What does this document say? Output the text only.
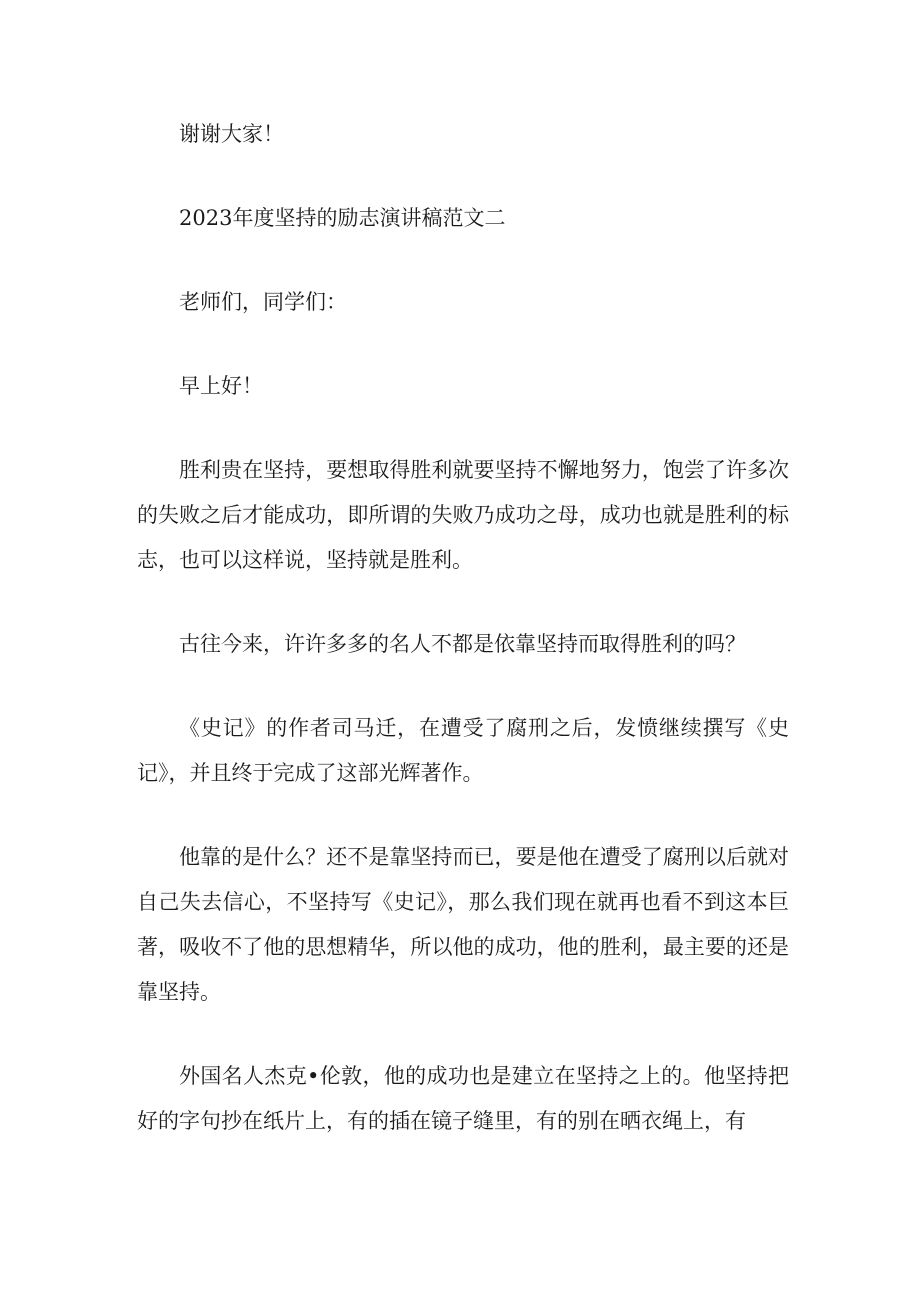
谢谢大家！

2023年度坚持的励志演讲稿范文二

老师们，同学们：

早上好！

胜利贵在坚持，要想取得胜利就要坚持不懈地努力，饱尝了许多次的失败之后才能成功，即所谓的失败乃成功之母，成功也就是胜利的标志，也可以这样说，坚持就是胜利。

古往今来，许许多多的名人不都是依靠坚持而取得胜利的吗？

《史记》的作者司马迁，在遭受了腐刑之后，发愤继续撰写《史记》，并且终于完成了这部光辉著作。

他靠的是什么？还不是靠坚持而已，要是他在遭受了腐刑以后就对自己失去信心，不坚持写《史记》，那么我们现在就再也看不到这本巨著，吸收不了他的思想精华，所以他的成功，他的胜利，最主要的还是靠坚持。

外国名人杰克•伦敦，他的成功也是建立在坚持之上的。他坚持把好的字句抄在纸片上，有的插在镜子缝里，有的别在晒衣绳上，有
